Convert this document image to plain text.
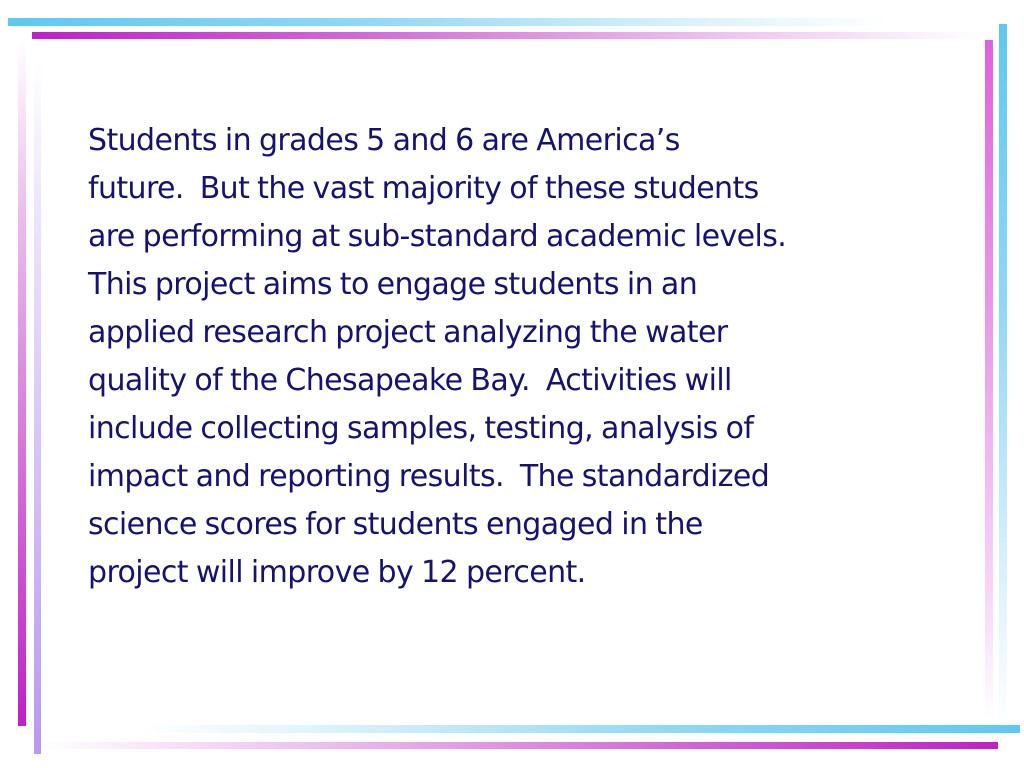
Students in grades 5 and 6 are America’s
future.  But the vast majority of these students
are performing at sub-standard academic levels.
This project aims to engage students in an
applied research project analyzing the water
quality of the Chesapeake Bay.  Activities will
include collecting samples, testing, analysis of
impact and reporting results.  The standardized
science scores for students engaged in the
project will improve by 12 percent.
